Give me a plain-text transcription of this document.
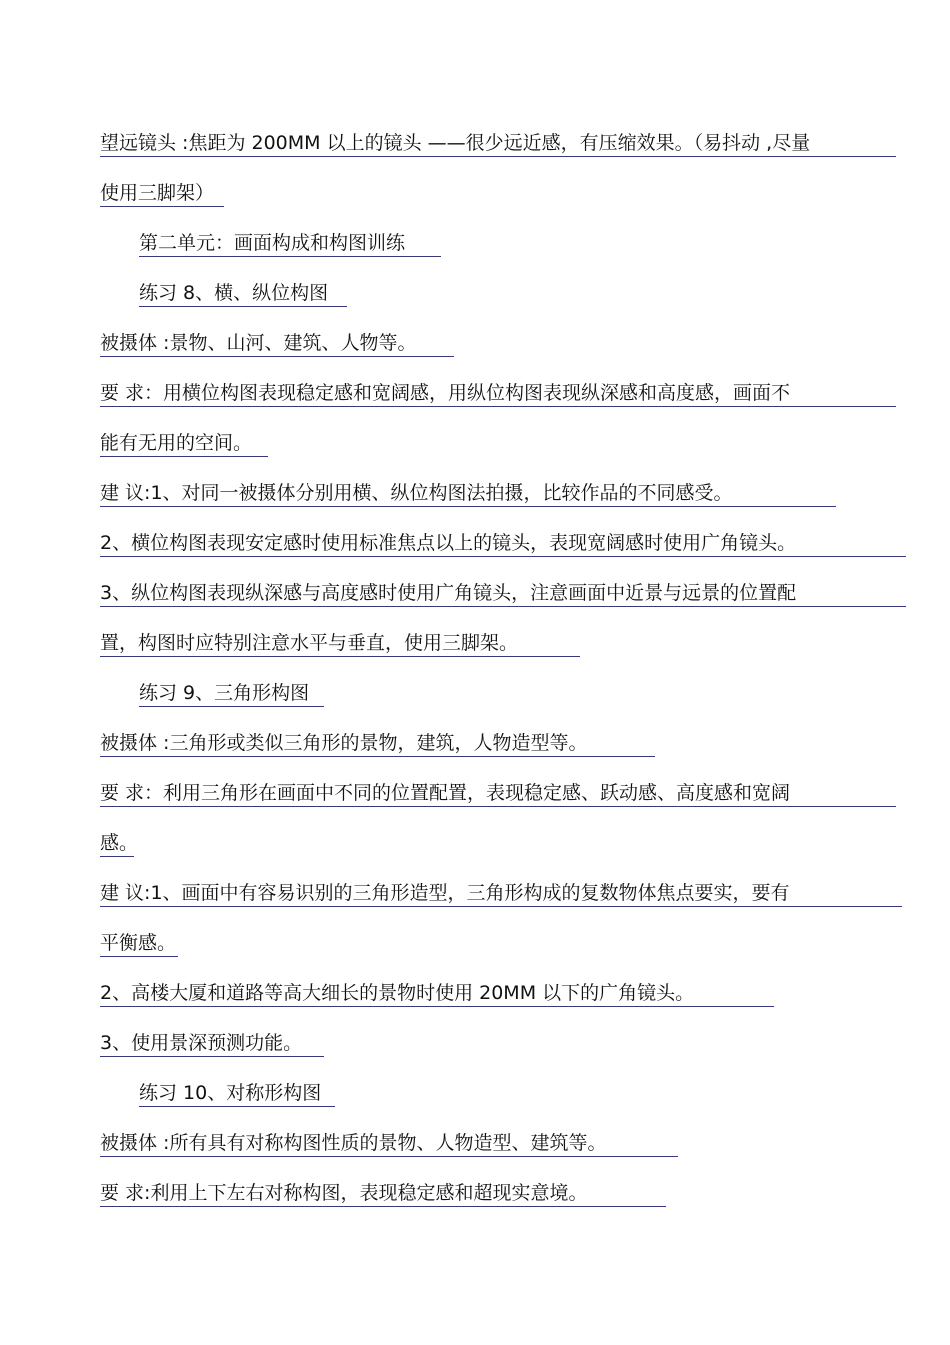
望远镜头 :焦距为 200MM 以上的镜头 ——很少远近感，有压缩效果。（易抖动 ,尽量
使用三脚架）
第二单元：画面构成和构图训练
练习 8、横、纵位构图
被摄体 :景物、山河、建筑、人物等。
要 求：用横位构图表现稳定感和宽阔感，用纵位构图表现纵深感和高度感，画面不
能有无用的空间。
建 议:1、对同一被摄体分别用横、纵位构图法拍摄，比较作品的不同感受。
2、横位构图表现安定感时使用标准焦点以上的镜头，表现宽阔感时使用广角镜头。
3、纵位构图表现纵深感与高度感时使用广角镜头，注意画面中近景与远景的位置配
置，构图时应特别注意水平与垂直，使用三脚架。
练习 9、三角形构图
被摄体 :三角形或类似三角形的景物，建筑，人物造型等。
要 求：利用三角形在画面中不同的位置配置，表现稳定感、跃动感、高度感和宽阔
感。
建 议:1、画面中有容易识别的三角形造型，三角形构成的复数物体焦点要实，要有
平衡感。
2、高楼大厦和道路等高大细长的景物时使用 20MM 以下的广角镜头。
3、使用景深预测功能。
练习 10、对称形构图
被摄体 :所有具有对称构图性质的景物、人物造型、建筑等。
要 求:利用上下左右对称构图，表现稳定感和超现实意境。
